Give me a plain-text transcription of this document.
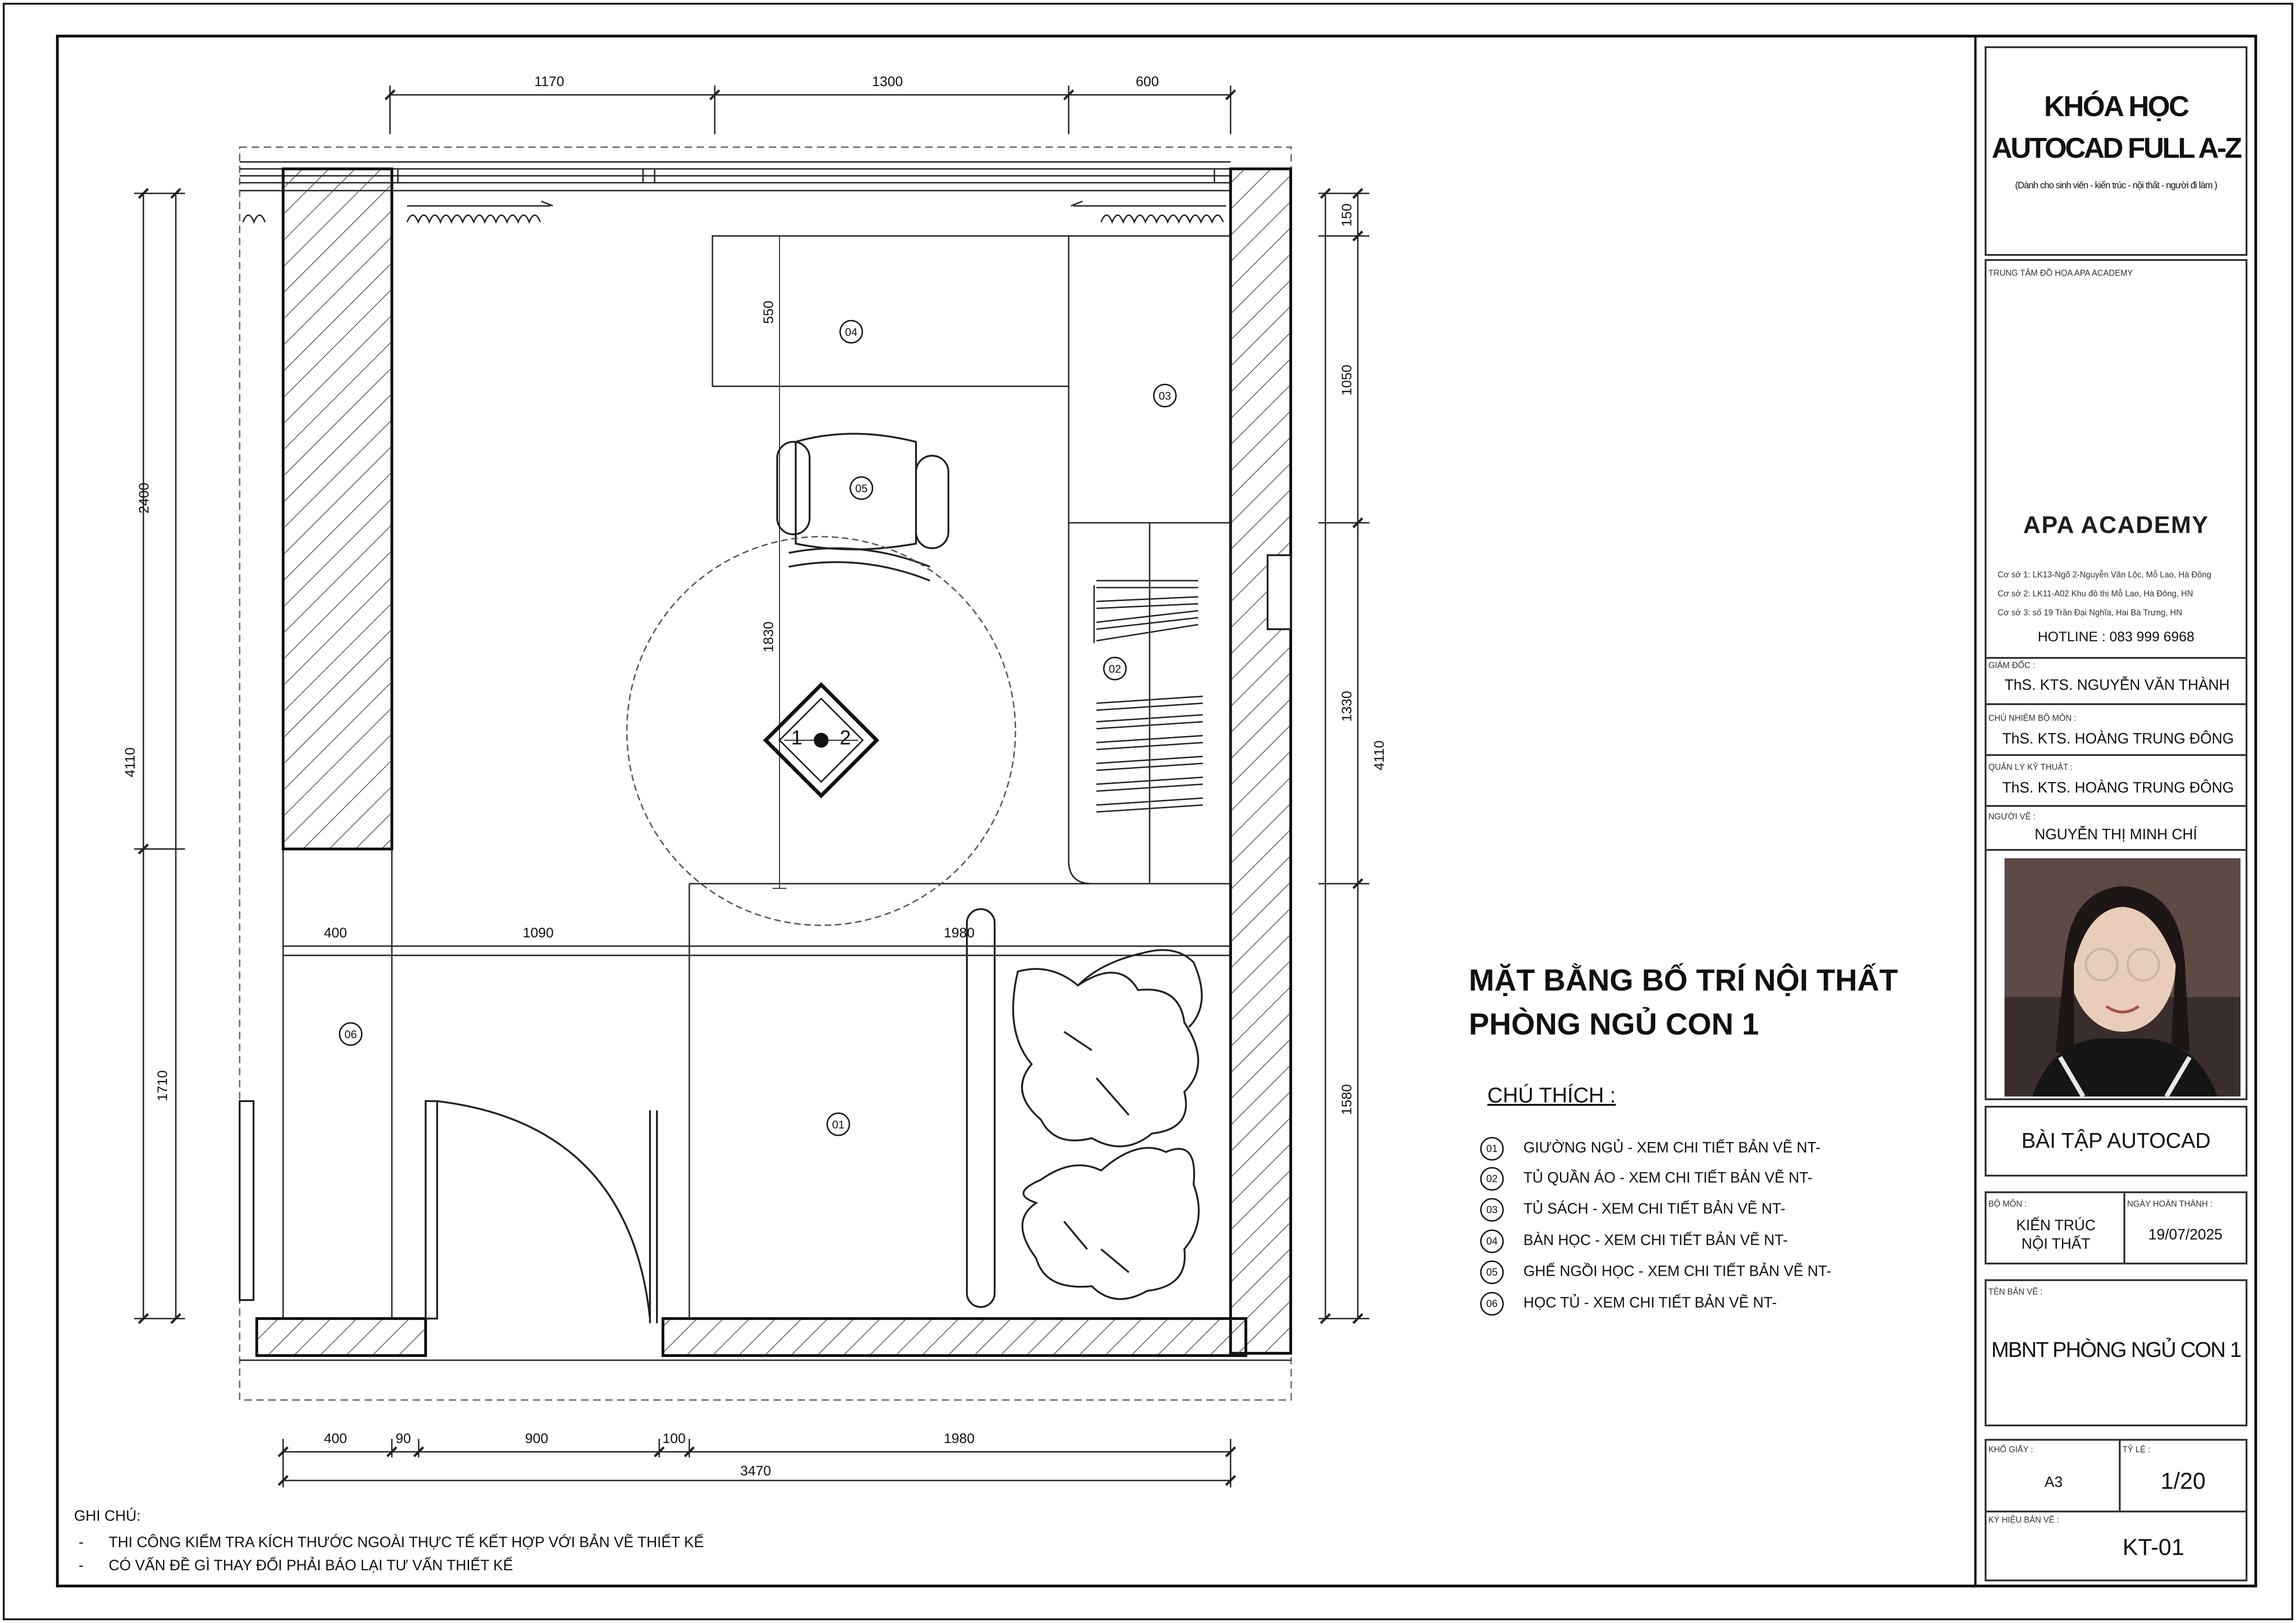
1170	1300	600
2400
4110
1710
150
1050
1330
1580
4110
400	1090	1980
400	90	900	100	1980
3470
550
1830
04
03
05
02
01
06
1 2
MẶT BẰNG BỐ TRÍ NỘI THẤT
PHÒNG NGỦ CON 1
CHÚ THÍCH :
01	GIƯỜNG NGỦ - XEM CHI TIẾT BẢN VẼ NT-
02	TỦ QUẦN ÁO - XEM CHI TIẾT BẢN VẼ NT-
03	TỦ SÁCH - XEM CHI TIẾT BẢN VẼ NT-
04	BÀN HỌC - XEM CHI TIẾT BẢN VẼ NT-
05	GHẾ NGỒI HỌC - XEM CHI TIẾT BẢN VẼ NT-
06	HỌC TỦ - XEM CHI TIẾT BẢN VẼ NT-
GHI CHÚ:
- THI CÔNG KIỂM TRA KÍCH THƯỚC NGOÀI THỰC TẾ KẾT HỢP VỚI BẢN VẼ THIẾT KẾ
- CÓ VẤN ĐỀ GÌ THAY ĐỔI PHẢI BÁO LẠI TƯ VẤN THIẾT KẾ
KHÓA HỌC
AUTOCAD FULL A-Z
(Dành cho sinh viên - kiến trúc - nội thất - người đi làm )
TRUNG TÂM ĐỒ HỌA APA ACADEMY
APA ACADEMY
Cơ sở 1: LK13-Ngõ 2-Nguyễn Văn Lộc, Mỗ Lao, Hà Đông
Cơ sở 2: LK11-A02 Khu đô thị Mỗ Lao, Hà Đông, HN
Cơ sở 3: số 19 Trần Đại Nghĩa, Hai Bà Trưng, HN
HOTLINE : 083 999 6968
GIÁM ĐỐC :
ThS. KTS. NGUYỄN VĂN THÀNH
CHỦ NHIỆM BỘ MÔN :
ThS. KTS. HOÀNG TRUNG ĐÔNG
QUẢN LÝ KỸ THUẬT :
ThS. KTS. HOÀNG TRUNG ĐÔNG
NGƯỜI VẼ :
NGUYỄN THỊ MINH CHÍ
BÀI TẬP AUTOCAD
BỘ MÔN :
KIẾN TRÚC
NỘI THẤT
NGÀY HOÀN THÀNH :
19/07/2025
TÊN BẢN VẼ :
MBNT PHÒNG NGỦ CON 1
KHỔ GIẤY :
A3
TỶ LỆ :
1/20
KÝ HIỆU BẢN VẼ :
KT-01
